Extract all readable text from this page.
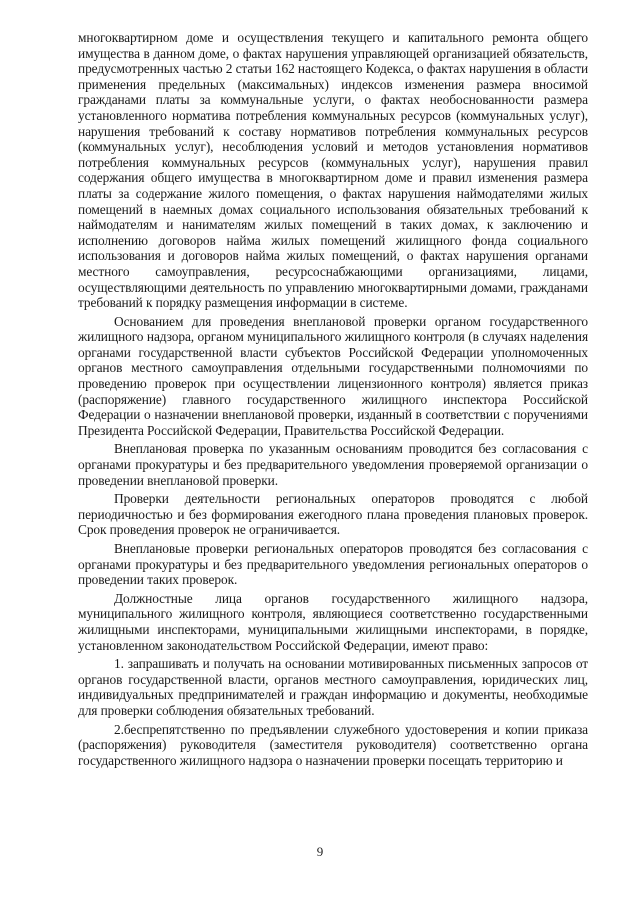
многоквартирном доме и осуществления текущего и капитального ремонта общего имущества в данном доме, о фактах нарушения управляющей организацией обязательств, предусмотренных частью 2 статьи 162 настоящего Кодекса, о фактах нарушения в области применения предельных (максимальных) индексов изменения размера вносимой гражданами платы за коммунальные услуги, о фактах необоснованности размера установленного норматива потребления коммунальных ресурсов (коммунальных услуг), нарушения требований к составу нормативов потребления коммунальных ресурсов (коммунальных услуг), несоблюдения условий и методов установления нормативов потребления коммунальных ресурсов (коммунальных услуг), нарушения правил содержания общего имущества в многоквартирном доме и правил изменения размера платы за содержание жилого помещения, о фактах нарушения наймодателями жилых помещений в наемных домах социального использования обязательных требований к наймодателям и нанимателям жилых помещений в таких домах, к заключению и исполнению договоров найма жилых помещений жилищного фонда социального использования и договоров найма жилых помещений, о фактах нарушения органами местного самоуправления, ресурсоснабжающими организациями, лицами, осуществляющими деятельность по управлению многоквартирными домами, гражданами требований к порядку размещения информации в системе.

Основанием для проведения внеплановой проверки органом государственного жилищного надзора, органом муниципального жилищного контроля (в случаях наделения органами государственной власти субъектов Российской Федерации уполномоченных органов местного самоуправления отдельными государственными полномочиями по проведению проверок при осуществлении лицензионного контроля) является приказ (распоряжение) главного государственного жилищного инспектора Российской Федерации о назначении внеплановой проверки, изданный в соответствии с поручениями Президента Российской Федерации, Правительства Российской Федерации.

Внеплановая проверка по указанным основаниям проводится без согласования с органами прокуратуры и без предварительного уведомления проверяемой организации о проведении внеплановой проверки.

Проверки деятельности региональных операторов проводятся с любой периодичностью и без формирования ежегодного плана проведения плановых проверок. Срок проведения проверок не ограничивается.

Внеплановые проверки региональных операторов проводятся без согласования с органами прокуратуры и без предварительного уведомления региональных операторов о проведении таких проверок.

Должностные лица органов государственного жилищного надзора, муниципального жилищного контроля, являющиеся соответственно государственными жилищными инспекторами, муниципальными жилищными инспекторами, в порядке, установленном законодательством Российской Федерации, имеют право:

1. запрашивать и получать на основании мотивированных письменных запросов от органов государственной власти, органов местного самоуправления, юридических лиц, индивидуальных предпринимателей и граждан информацию и документы, необходимые для проверки соблюдения обязательных требований.

2.беспрепятственно по предъявлении служебного удостоверения и копии приказа (распоряжения) руководителя (заместителя руководителя) соответственно органа государственного жилищного надзора о назначении проверки посещать территорию и

9
